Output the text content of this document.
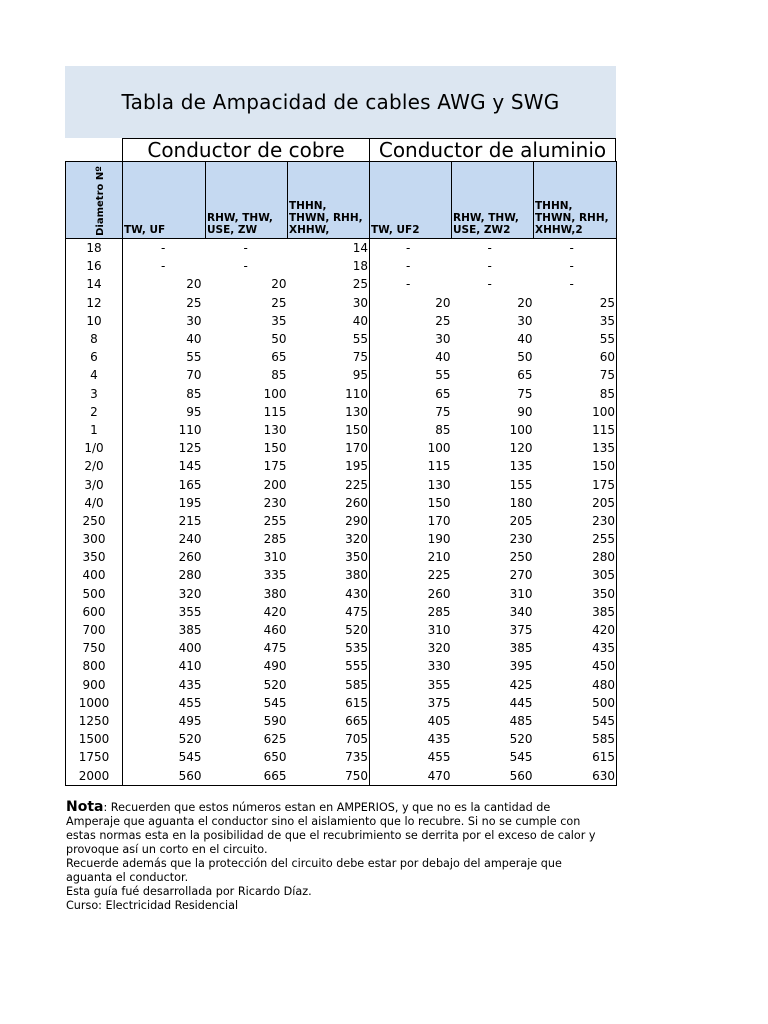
Tabla de Ampacidad de cables AWG y SWG
Conductor de cobre	Conductor de aluminio
Diametro Nº	TW, UF	RHW, THW, USE, ZW	THHN, THWN, RHH, XHHW,	TW, UF2	RHW, THW, USE, ZW2	THHN, THWN, RHH, XHHW,2
18	-	-	14	-	-	-
16	-	-	18	-	-	-
14	20	20	25	-	-	-
12	25	25	30	20	20	25
10	30	35	40	25	30	35
8	40	50	55	30	40	55
6	55	65	75	40	50	60
4	70	85	95	55	65	75
3	85	100	110	65	75	85
2	95	115	130	75	90	100
1	110	130	150	85	100	115
1/0	125	150	170	100	120	135
2/0	145	175	195	115	135	150
3/0	165	200	225	130	155	175
4/0	195	230	260	150	180	205
250	215	255	290	170	205	230
300	240	285	320	190	230	255
350	260	310	350	210	250	280
400	280	335	380	225	270	305
500	320	380	430	260	310	350
600	355	420	475	285	340	385
700	385	460	520	310	375	420
750	400	475	535	320	385	435
800	410	490	555	330	395	450
900	435	520	585	355	425	480
1000	455	545	615	375	445	500
1250	495	590	665	405	485	545
1500	520	625	705	435	520	585
1750	545	650	735	455	545	615
2000	560	665	750	470	560	630

Nota: Recuerden que estos números estan en AMPERIOS, y que no es la cantidad de Amperaje que aguanta el conductor sino el aislamiento que lo recubre. Si no se cumple con estas normas esta en la posibilidad de que el recubrimiento se derrita por el exceso de calor y provoque así un corto en el circuito.

Recuerde además que la protección del circuito debe estar por debajo del amperaje que aguanta el conductor.

Esta guía fué desarrollada por Ricardo Díaz.

Curso: Electricidad Residencial
